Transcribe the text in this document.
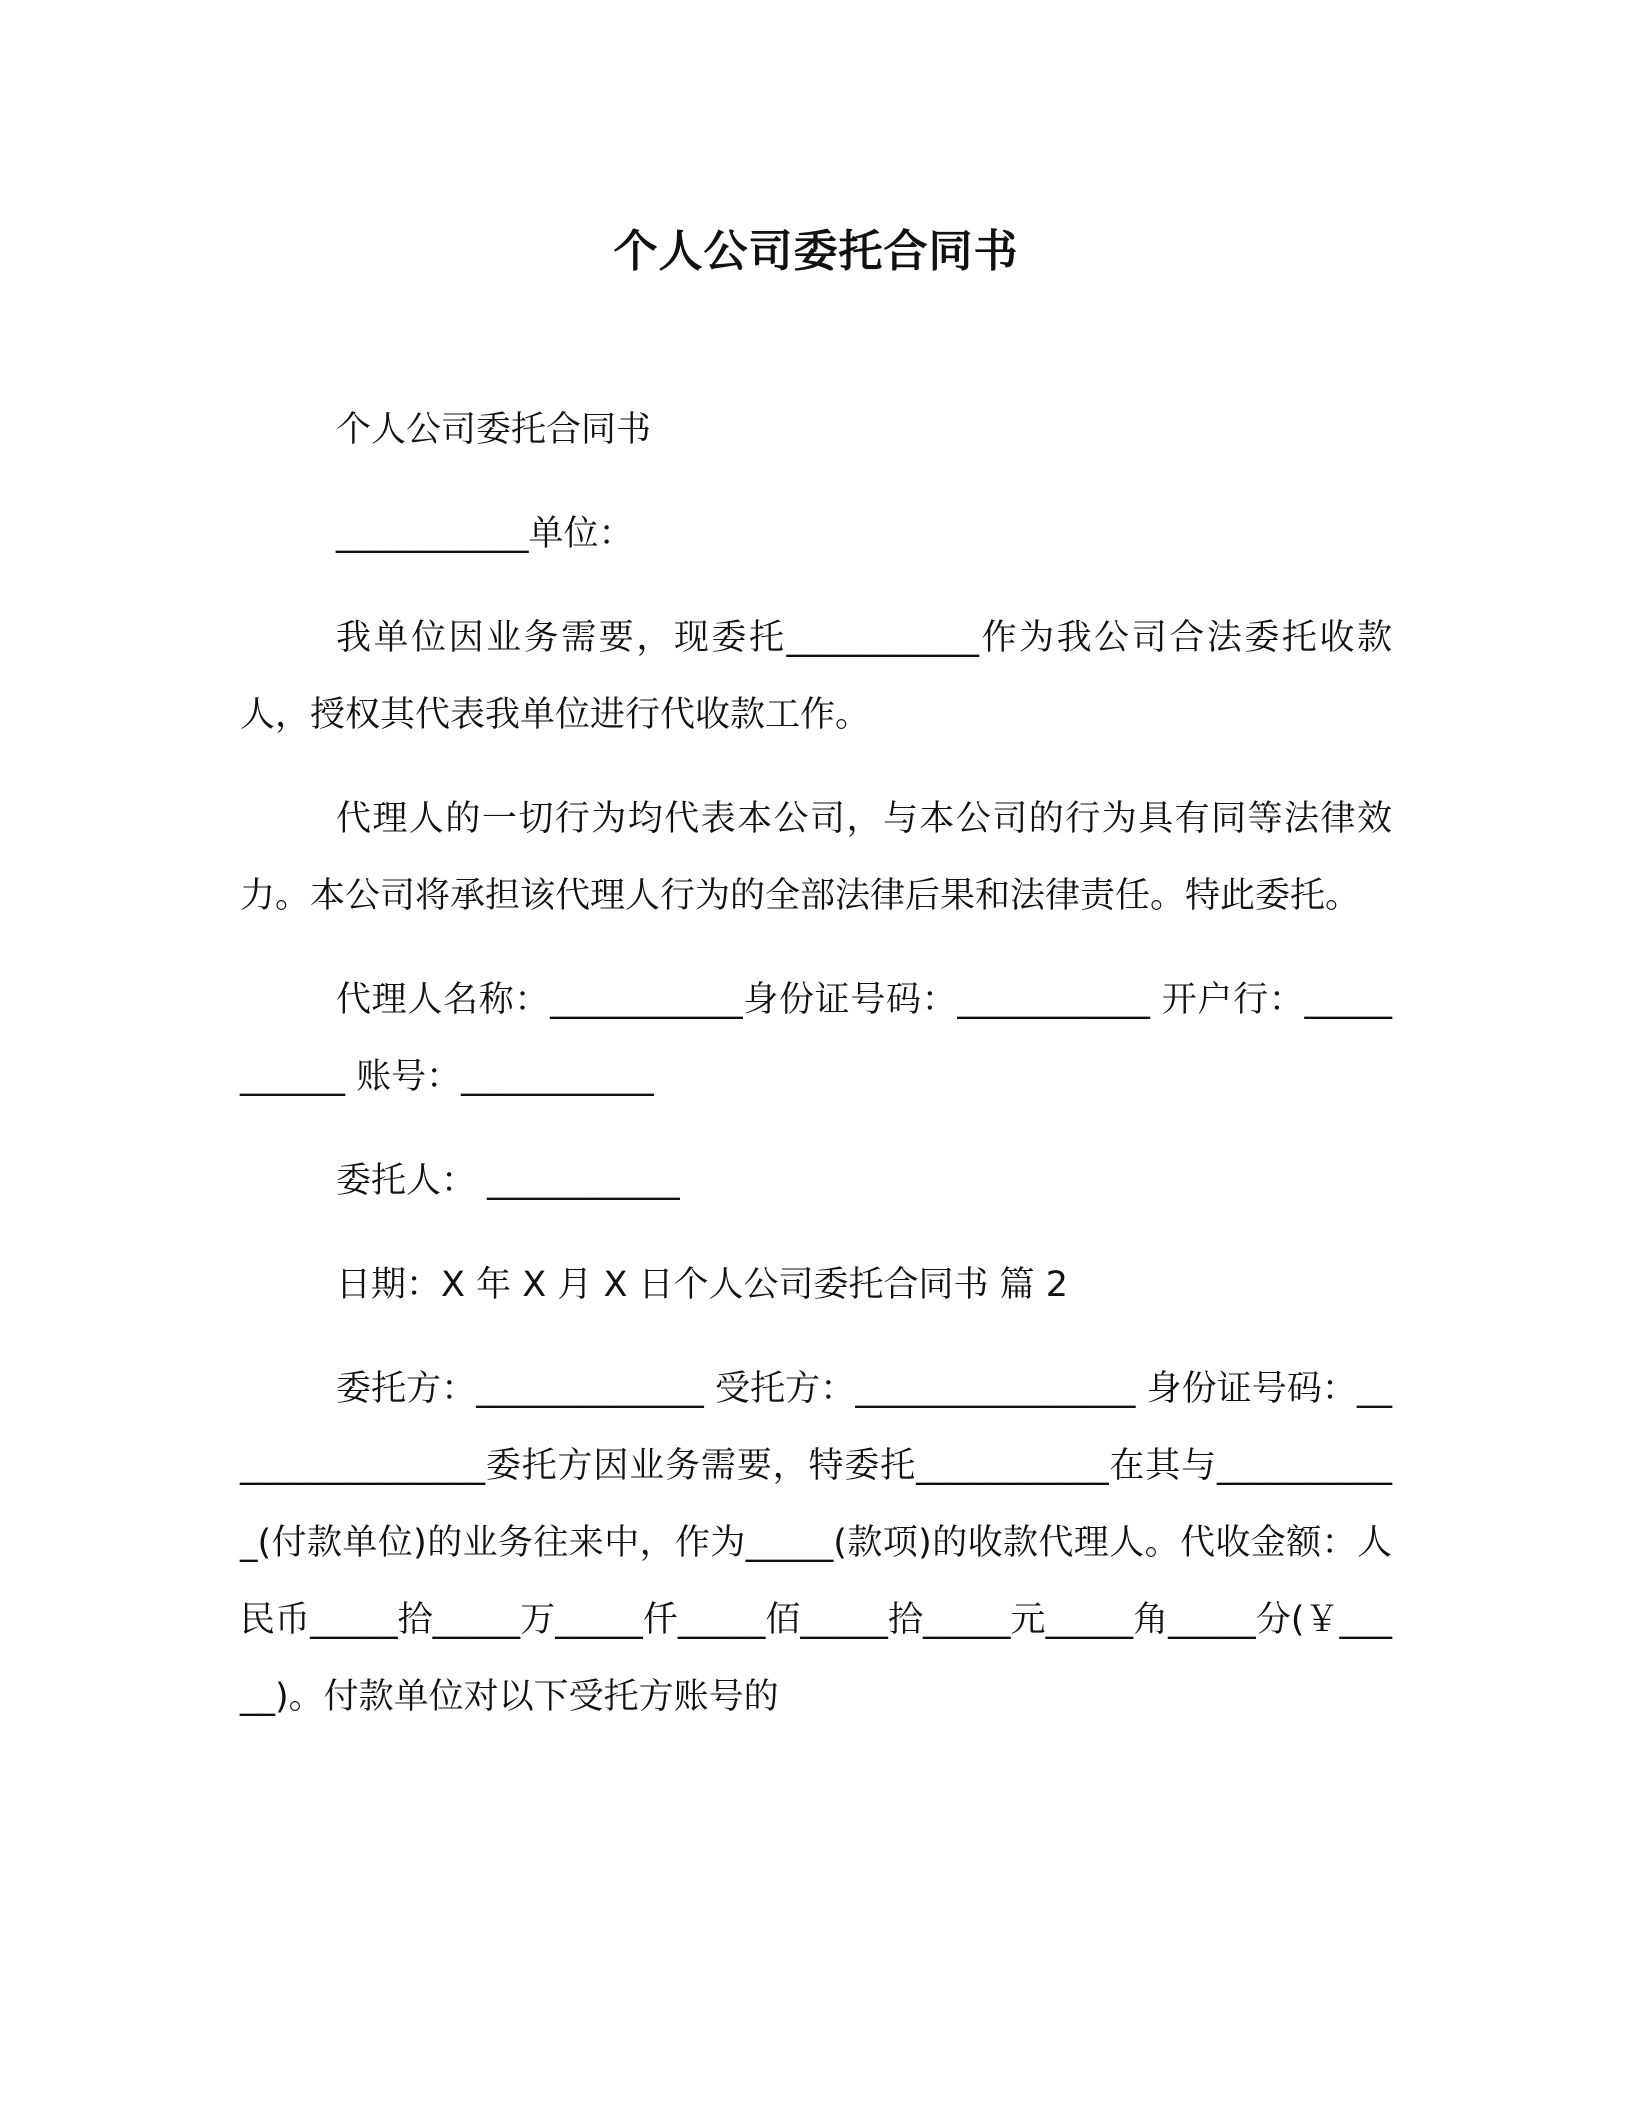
个人公司委托合同书

个人公司委托合同书

___________单位：

我单位因业务需要，现委托___________作为我公司合法委托收款人，授权其代表我单位进行代收款工作。

代理人的一切行为均代表本公司，与本公司的行为具有同等法律效力。本公司将承担该代理人行为的全部法律后果和法律责任。特此委托。

代理人名称：___________身份证号码：___________ 开户行：___________ 账号：___________

委托人： ___________

日期：X 年 X 月 X 日个人公司委托合同书 篇 2

委托方：_____________ 受托方：________________ 身份证号码：________________委托方因业务需要，特委托___________在其与___________(付款单位)的业务往来中，作为_____(款项)的收款代理人。代收金额：人民币_____拾_____万_____仟_____佰_____拾_____元_____角_____分(￥_____)。付款单位对以下受托方账号的
